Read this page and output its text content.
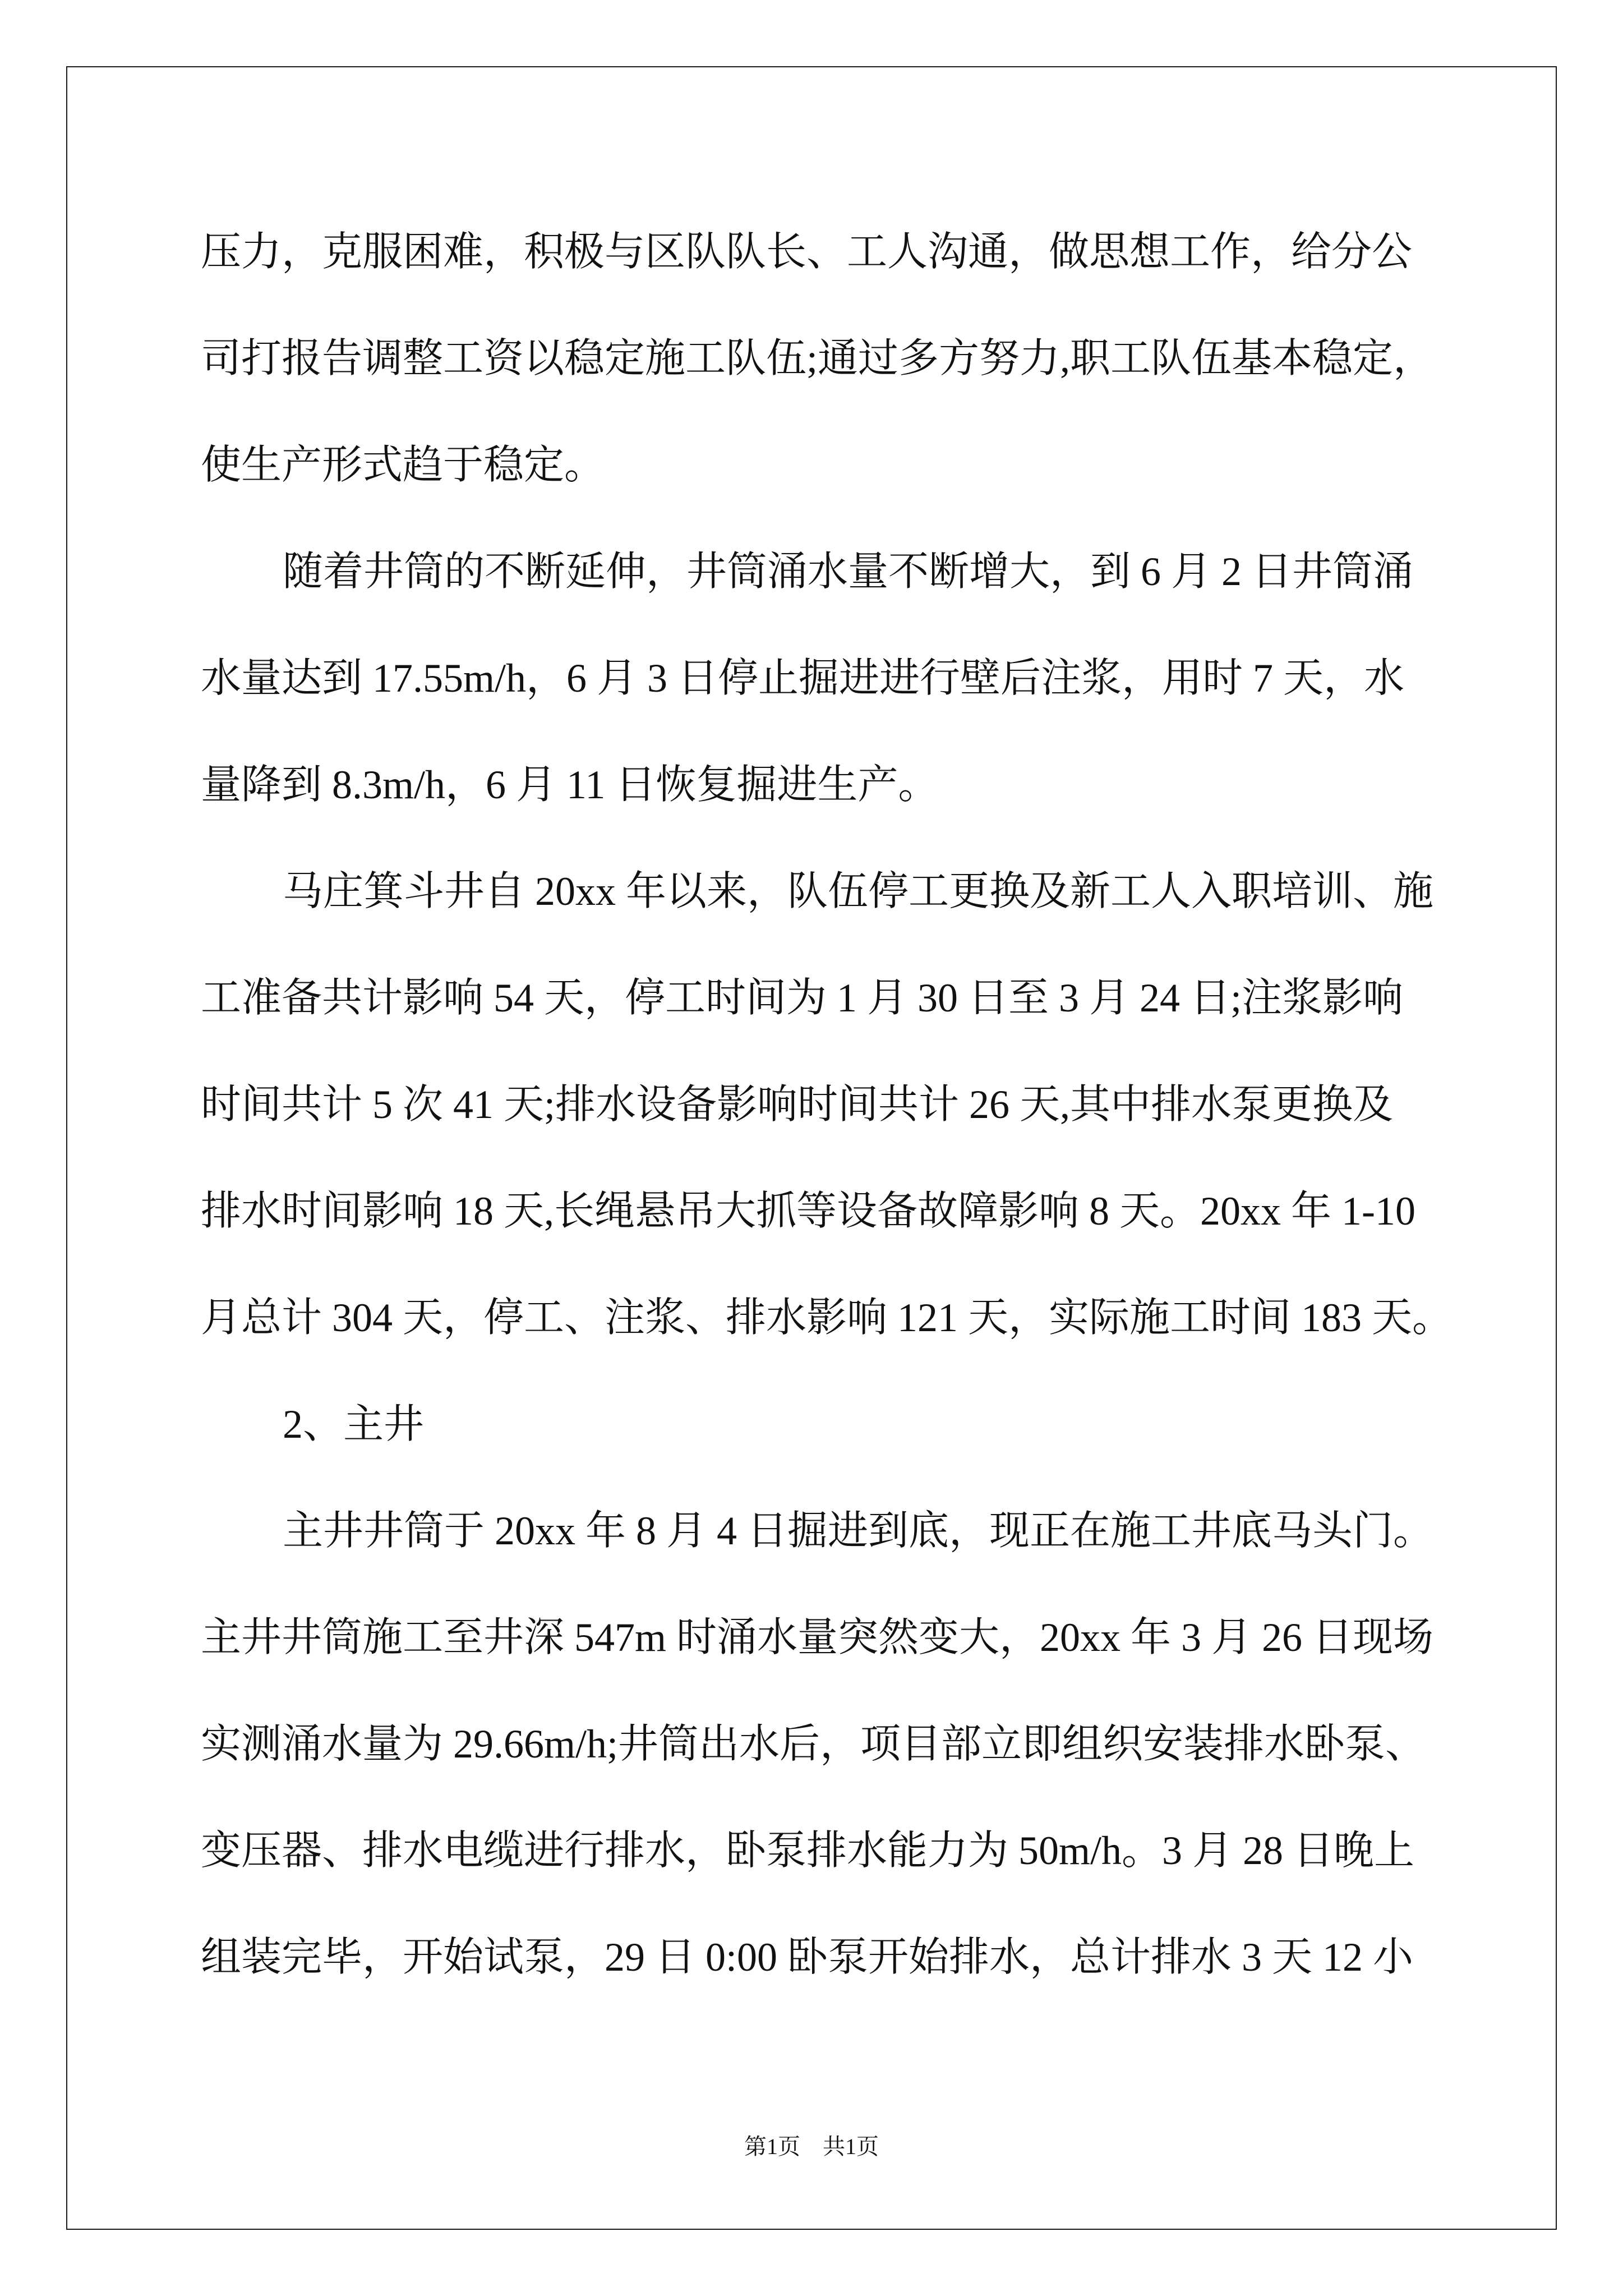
压力，克服困难，积极与区队队长、工人沟通，做思想工作，给分公
司打报告调整工资以稳定施工队伍;通过多方努力,职工队伍基本稳定，
使生产形式趋于稳定。
随着井筒的不断延伸，井筒涌水量不断增大，到 6 月 2 日井筒涌
水量达到 17.55m/h，6 月 3 日停止掘进进行壁后注浆，用时 7 天，水
量降到 8.3m/h，6 月 11 日恢复掘进生产。
马庄箕斗井自 20xx 年以来，队伍停工更换及新工人入职培训、施
工准备共计影响 54 天，停工时间为 1 月 30 日至 3 月 24 日;注浆影响
时间共计 5 次 41 天;排水设备影响时间共计 26 天,其中排水泵更换及
排水时间影响 18 天,长绳悬吊大抓等设备故障影响 8 天。20xx 年 1-10
月总计 304 天，停工、注浆、排水影响 121 天，实际施工时间 183 天。
2、主井
主井井筒于 20xx 年 8 月 4 日掘进到底，现正在施工井底马头门。
主井井筒施工至井深 547m 时涌水量突然变大，20xx 年 3 月 26 日现场
实测涌水量为 29.66m/h;井筒出水后，项目部立即组织安装排水卧泵、
变压器、排水电缆进行排水，卧泵排水能力为 50m/h。3 月 28 日晚上
组装完毕，开始试泵，29 日 0:00 卧泵开始排水，总计排水 3 天 12 小
第1页 共1页
